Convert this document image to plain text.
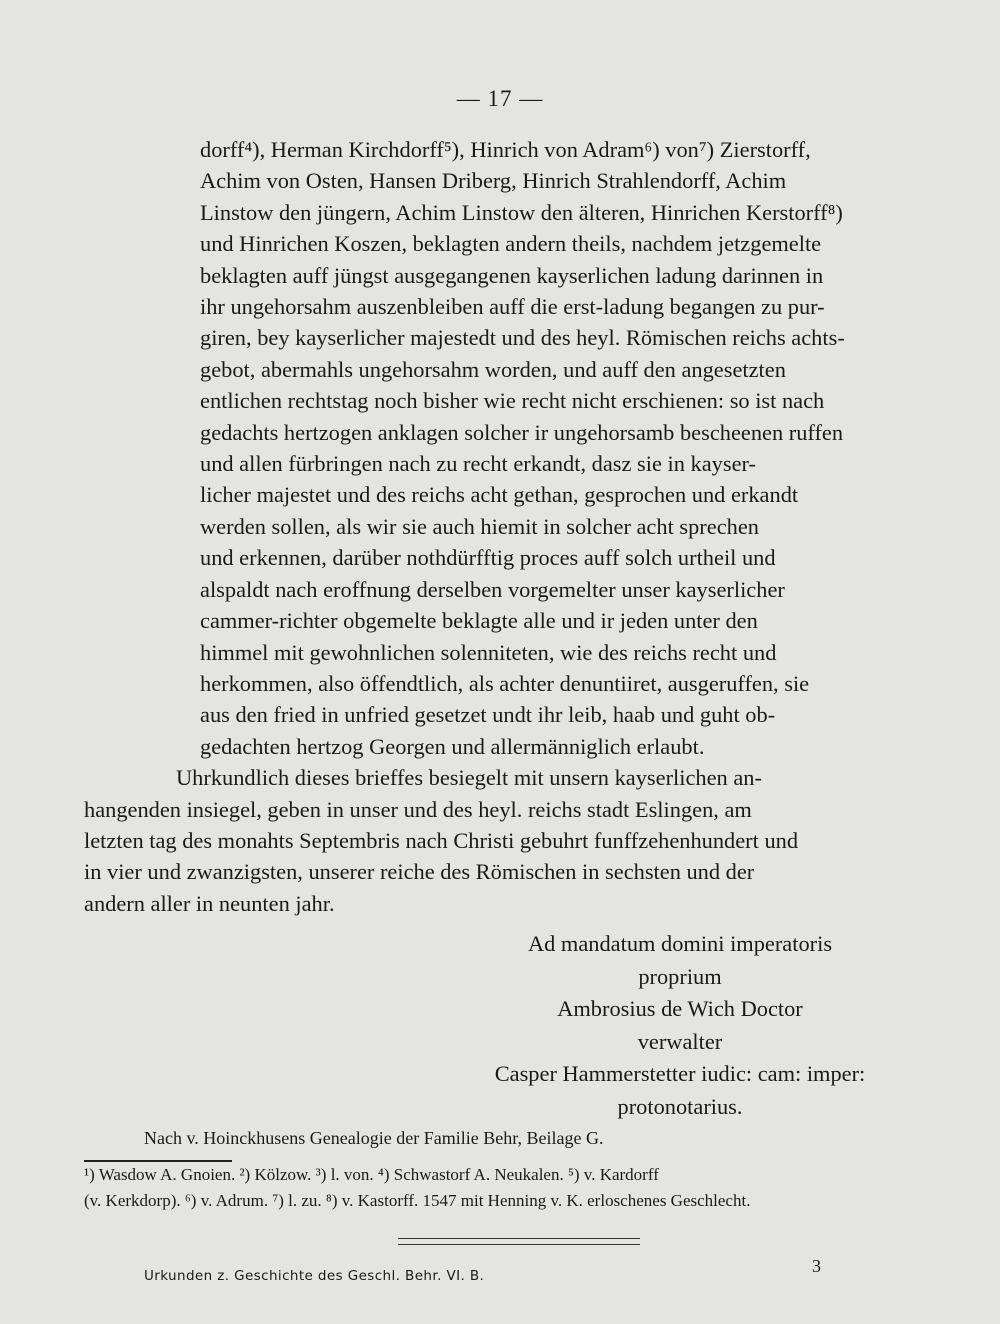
— 17 —

dorff⁴), Herman Kirchdorff⁵), Hinrich von Adram⁶) von⁷) Zierstorff,

Achim von Osten, Hansen Driberg, Hinrich Strahlendorff, Achim

Linstow den jüngern, Achim Linstow den älteren, Hinrichen Kerstorff⁸)

und Hinrichen Koszen, beklagten andern theils, nachdem jetzgemelte

beklagten auff jüngst ausgegangenen kayserlichen ladung darinnen in

ihr ungehorsahm auszenbleiben auff die erst-ladung begangen zu pur-

giren, bey kayserlicher majestedt und des heyl. Römischen reichs achts-

gebot, abermahls ungehorsahm worden, und auff den angesetzten

entlichen rechtstag noch bisher wie recht nicht erschienen: so ist nach

gedachts hertzogen anklagen solcher ir ungehorsamb bescheenen ruffen

und allen fürbringen nach zu recht erkandt, dasz sie in kayser-

licher majestet und des reichs acht gethan, gesprochen und erkandt

werden sollen, als wir sie auch hiemit in solcher acht sprechen

und erkennen, darüber nothdürfftig proces auff solch urtheil und

alspaldt nach eroffnung derselben vorgemelter unser kayserlicher

cammer-richter obgemelte beklagte alle und ir jeden unter den

himmel mit gewohnlichen solenniteten, wie des reichs recht und

herkommen, also öffendtlich, als achter denuntiiret, ausgeruffen, sie

aus den fried in unfried gesetzet undt ihr leib, haab und guht ob-

gedachten hertzog Georgen und allermänniglich erlaubt.

Uhrkundlich dieses brieffes besiegelt mit unsern kayserlichen an-

hangenden insiegel, geben in unser und des heyl. reichs stadt Eslingen, am

letzten tag des monahts Septembris nach Christi gebuhrt funffzehenhundert und

in vier und zwanzigsten, unserer reiche des Römischen in sechsten und der

andern aller in neunten jahr.

Ad mandatum domini imperatoris
proprium
Ambrosius de Wich Doctor
verwalter
Casper Hammerstetter iudic: cam: imper:
protonotarius.
Nach v. Hoinckhusens Genealogie der Familie Behr, Beilage G.
¹) Wasdow A. Gnoien. ²) Kölzow. ³) l. von. ⁴) Schwastorf A. Neukalen. ⁵) v. Kardorff
(v. Kerkdorp). ⁶) v. Adrum. ⁷) l. zu. ⁸) v. Kastorff. 1547 mit Henning v. K. erloschenes Geschlecht.
Urkunden z. Geschichte des Geschl. Behr. VI. B.	3
